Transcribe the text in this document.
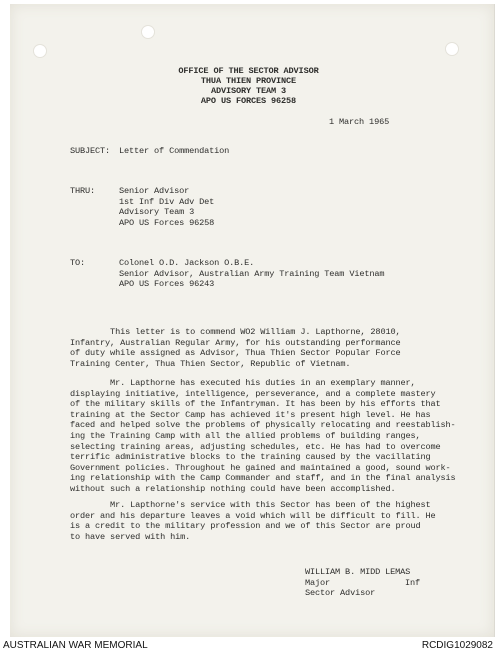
OFFICE OF THE SECTOR ADVISOR
THUA THIEN PROVINCE
ADVISORY TEAM 3
APO US FORCES 96258
1 March 1965
SUBJECT: Letter of Commendation
THRU:	Senior Advisor
1st Inf Div Adv Det
Advisory Team 3
APO US Forces 96258
TO:	Colonel O.D. Jackson O.B.E.
Senior Advisor, Australian Army Training Team Vietnam
APO US Forces 96243

This letter is to commend WO2 William J. Lapthorne, 28010,

Infantry, Australian Regular Army, for his outstanding performance

of duty while assigned as Advisor, Thua Thien Sector Popular Force

Training Center, Thua Thien Sector, Republic of Vietnam.

Mr. Lapthorne has executed his duties in an exemplary manner,

displaying initiative, intelligence, perseverance, and a complete mastery

of the military skills of the Infantryman. It has been by his efforts that

training at the Sector Camp has achieved it's present high level. He has

faced and helped solve the problems of physically relocating and reestablish-

ing the Training Camp with all the allied problems of building ranges,

selecting training areas, adjusting schedules, etc. He has had to overcome

terrific administrative blocks to the training caused by the vacillating

Government policies. Throughout he gained and maintained a good, sound work-

ing relationship with the Camp Commander and staff, and in the final analysis

without such a relationship nothing could have been accomplished.

Mr. Lapthorne's service with this Sector has been of the highest

order and his departure leaves a void which will be difficult to fill. He

is a credit to the military profession and we of this Sector are proud

to have served with him.

WILLIAM B. MIDD LEMAS
Major	Inf
Sector Advisor
AUSTRALIAN WAR MEMORIAL	RCDIG1029082
